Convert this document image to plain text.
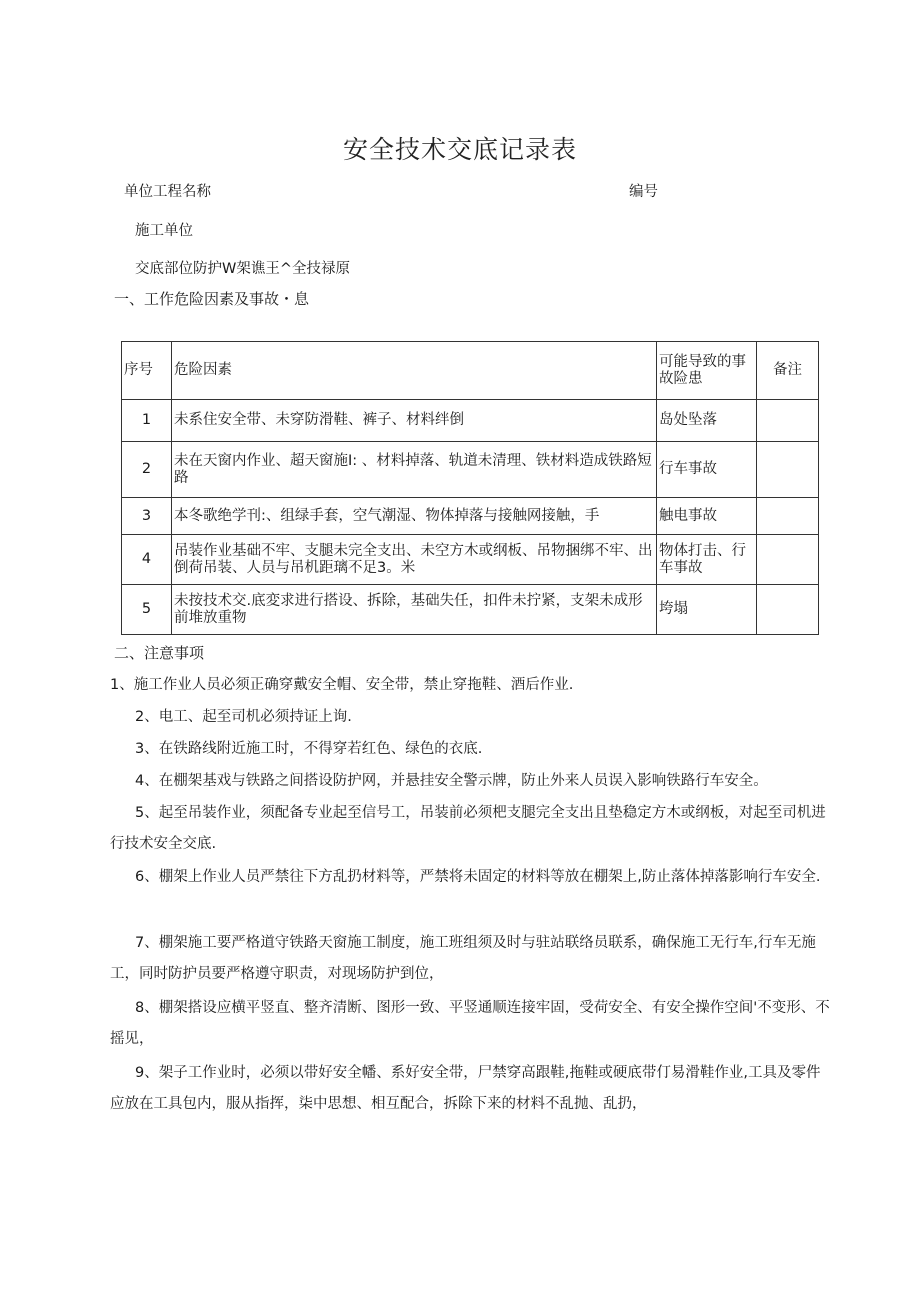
安全技术交底记录表
单位工程名称	编号
施工单位
交底部位防护W架谯王^全技禄原
一、工作危险因素及事故・息
序号	危险因素	可能导致的事故险患	备注
1	未系住安全带、未穿防滑鞋、裤子、材料绊倒	岛处坠落	
2	未在天窗内作业、超天窗施I: 、材料掉落、轨道未清理、铁材料造成铁路短路	行车事故	
3	本冬歌绝学刊:、组绿手套，空气潮湿、物体掉落与接触网接触，手	触电事故	
4	吊装作业基础不牢、支腿未完全支出、未空方木或纲板、吊物捆绑不牢、出倒荷吊装、人员与吊机距璃不足3。米	物体打击、行车事故	
5	未按技术交.底変求进行搭设、拆除，基础失任，扣件未拧紧，支架未成形前堆放重物	垮塌	
二、注意事项
1、施工作业人员必须正确穿戴安全帽、安全带，禁止穿拖鞋、酒后作业.
2、电工、起至司机必须持证上询.
3、在铁路线附近施工时，不得穿若红色、绿色的衣底.
4、在棚架基戏与铁路之间搭设防护网，并悬挂安全警示牌，防止外来人员误入影响铁路行车安全。
5、起至吊装作业，须配备专业起至信号工，吊装前必须杷支腿完全支出且垫稳定方木或纲板，对起至司机进行技术安全交底.
6、棚架上作业人员严禁往下方乱扔材料等，严禁将未固定的材料等放在棚架上,防止落体掉落影响行车安全.
7、棚架施工要严格道守铁路天窗施工制度，施工班组须及时与驻站联络员联系，确保施工无行车,行车无施工，同时防护员要严格遵守职责，对现场防护到位，
8、棚架搭设应横平竖直、整齐清断、图形一致、平竖通顺连接牢固，受荷安全、有安全操作空间'不变形、不摇见，
9、架子工作业时，必须以带好安全幡、系好安全带，尸禁穿高跟鞋,拖鞋或硬底带仃易滑鞋作业,工具及零件应放在工具包内，服从指挥，柒中思想、相互配合，拆除下来的材料不乱抛、乱扔，
